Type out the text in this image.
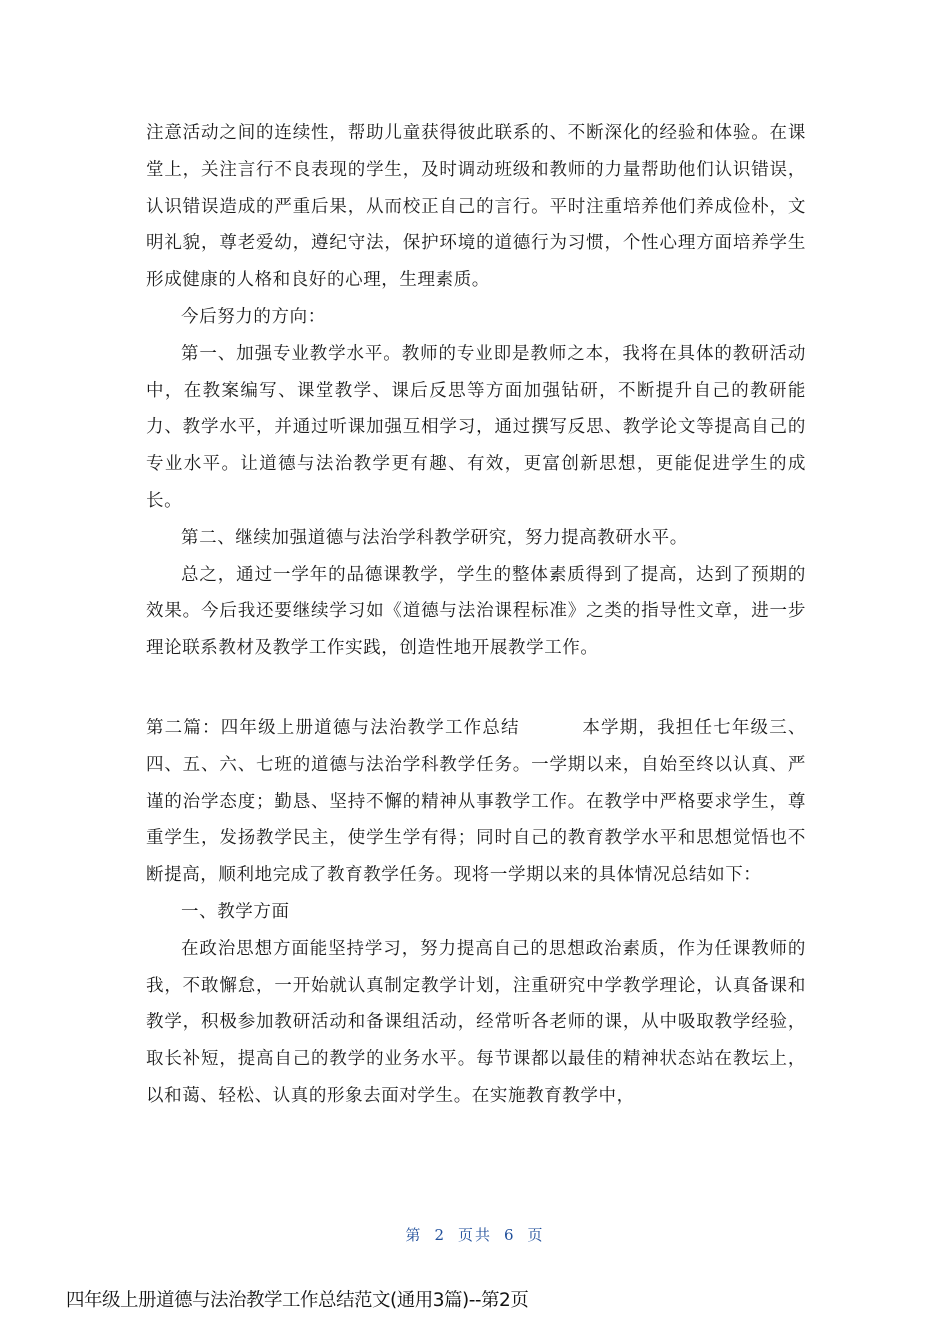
注意活动之间的连续性，帮助儿童获得彼此联系的、不断深化的经验和体验。在课堂上，关注言行不良表现的学生，及时调动班级和教师的力量帮助他们认识错误，认识错误造成的严重后果，从而校正自己的言行。平时注重培养他们养成俭朴，文明礼貌，尊老爱幼，遵纪守法，保护环境的道德行为习惯，个性心理方面培养学生形成健康的人格和良好的心理，生理素质。

今后努力的方向：

第一、加强专业教学水平。教师的专业即是教师之本，我将在具体的教研活动中，在教案编写、课堂教学、课后反思等方面加强钻研，不断提升自己的教研能力、教学水平，并通过听课加强互相学习，通过撰写反思、教学论文等提高自己的专业水平。让道德与法治教学更有趣、有效，更富创新思想，更能促进学生的成长。

第二、继续加强道德与法治学科教学研究，努力提高教研水平。

总之，通过一学年的品德课教学，学生的整体素质得到了提高，达到了预期的效果。今后我还要继续学习如《道德与法治课程标准》之类的指导性文章，进一步理论联系教材及教学工作实践，创造性地开展教学工作。

第二篇：四年级上册道德与法治教学工作总结	本学期，我担任七年级三、四、五、六、七班的道德与法治学科教学任务。一学期以来，自始至终以认真、严谨的治学态度；勤恳、坚持不懈的精神从事教学工作。在教学中严格要求学生，尊重学生，发扬教学民主，使学生学有得；同时自己的教育教学水平和思想觉悟也不断提高，顺利地完成了教育教学任务。现将一学期以来的具体情况总结如下：

一、教学方面

在政治思想方面能坚持学习，努力提高自己的思想政治素质，作为任课教师的我，不敢懈怠，一开始就认真制定教学计划，注重研究中学教学理论，认真备课和教学，积极参加教研活动和备课组活动，经常听各老师的课，从中吸取教学经验，取长补短，提高自己的教学的业务水平。每节课都以最佳的精神状态站在教坛上，以和蔼、轻松、认真的形象去面对学生。在实施教育教学中，

第 2 页共 6 页
四年级上册道德与法治教学工作总结范文(通用3篇)--第2页
